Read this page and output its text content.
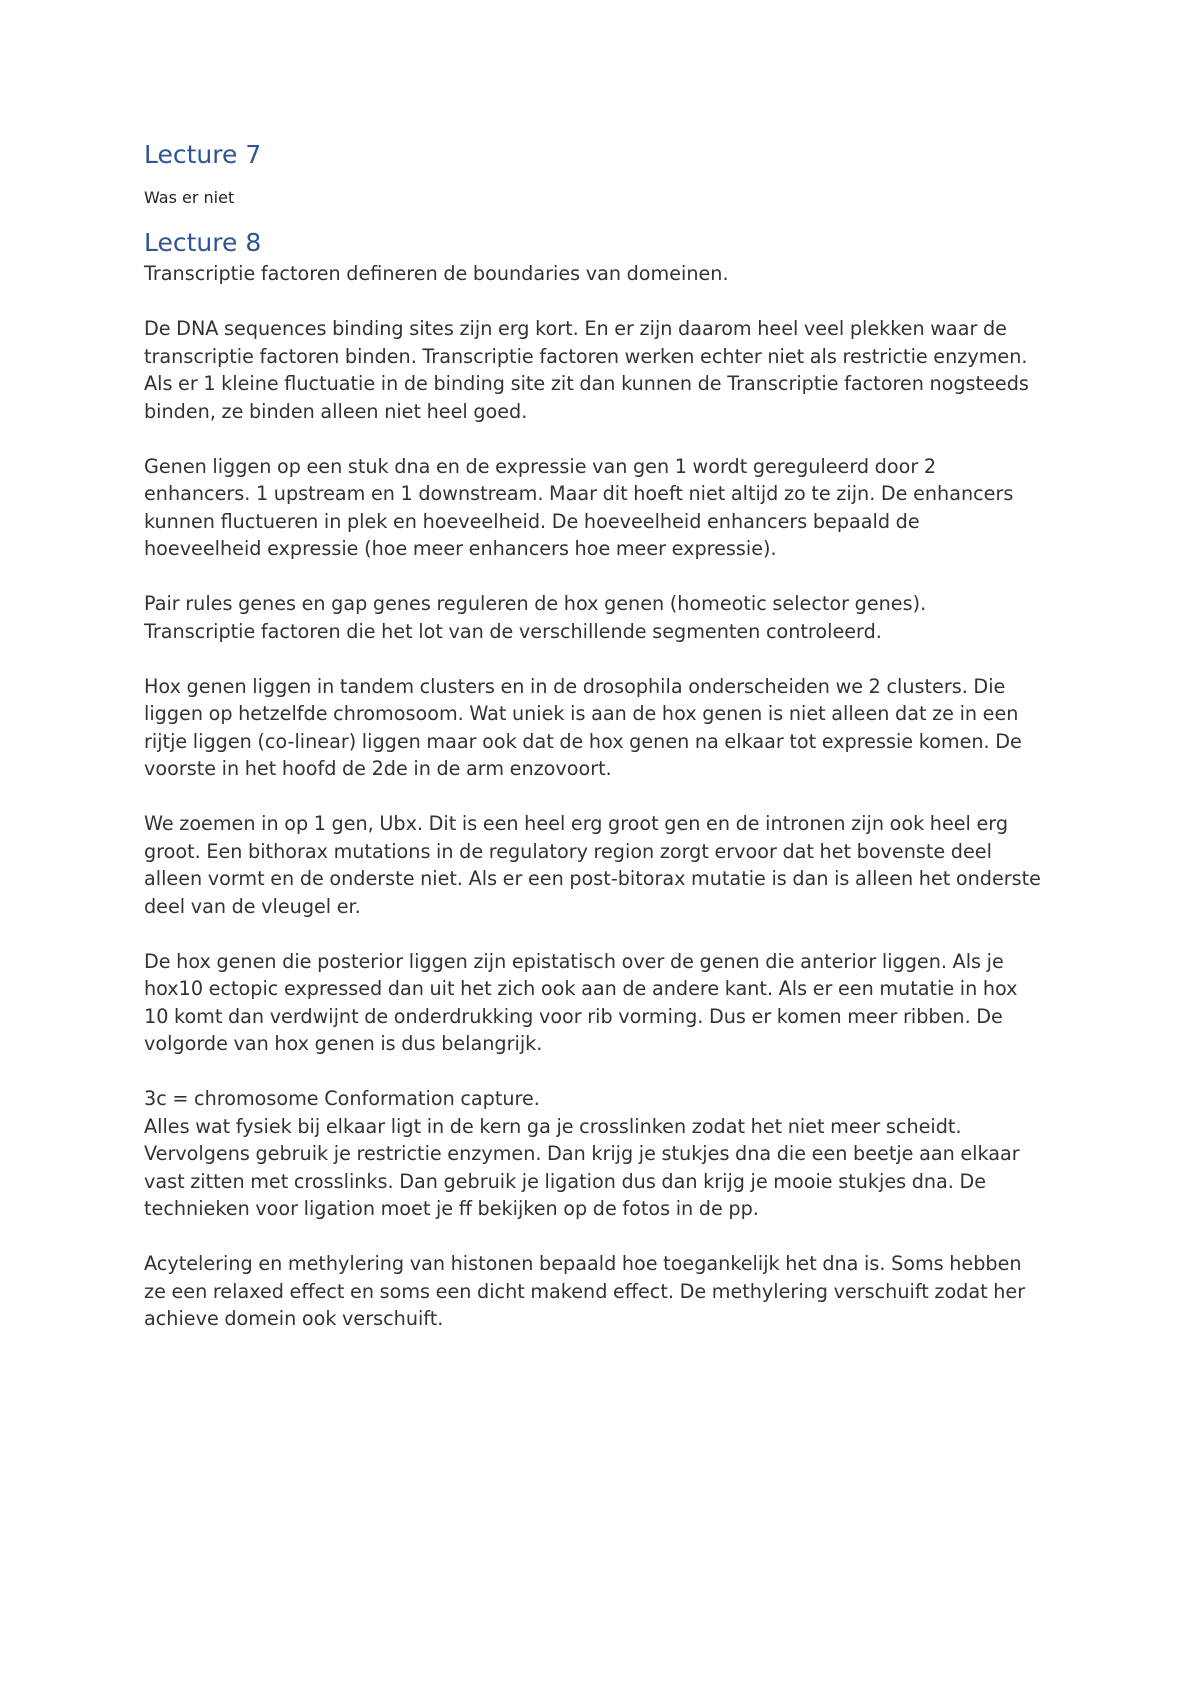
Lecture 7

Was er niet

Lecture 8

Transcriptie factoren defineren de boundaries van domeinen.

De DNA sequences binding sites zijn erg kort. En er zijn daarom heel veel plekken waar de
transcriptie factoren binden. Transcriptie factoren werken echter niet als restrictie enzymen.
Als er 1 kleine fluctuatie in de binding site zit dan kunnen de Transcriptie factoren nogsteeds
binden, ze binden alleen niet heel goed.

Genen liggen op een stuk dna en de expressie van gen 1 wordt gereguleerd door 2
enhancers. 1 upstream en 1 downstream. Maar dit hoeft niet altijd zo te zijn. De enhancers
kunnen fluctueren in plek en hoeveelheid. De hoeveelheid enhancers bepaald de
hoeveelheid expressie (hoe meer enhancers hoe meer expressie).

Pair rules genes en gap genes reguleren de hox genen (homeotic selector genes).
Transcriptie factoren die het lot van de verschillende segmenten controleerd.

Hox genen liggen in tandem clusters en in de drosophila onderscheiden we 2 clusters. Die
liggen op hetzelfde chromosoom. Wat uniek is aan de hox genen is niet alleen dat ze in een
rijtje liggen (co-linear) liggen maar ook dat de hox genen na elkaar tot expressie komen. De
voorste in het hoofd de 2de in de arm enzovoort.

We zoemen in op 1 gen, Ubx. Dit is een heel erg groot gen en de intronen zijn ook heel erg
groot. Een bithorax mutations in de regulatory region zorgt ervoor dat het bovenste deel
alleen vormt en de onderste niet. Als er een post-bitorax mutatie is dan is alleen het onderste
deel van de vleugel er.

De hox genen die posterior liggen zijn epistatisch over de genen die anterior liggen. Als je
hox10 ectopic expressed dan uit het zich ook aan de andere kant. Als er een mutatie in hox
10 komt dan verdwijnt de onderdrukking voor rib vorming. Dus er komen meer ribben. De
volgorde van hox genen is dus belangrijk.

3c = chromosome Conformation capture.
Alles wat fysiek bij elkaar ligt in de kern ga je crosslinken zodat het niet meer scheidt.
Vervolgens gebruik je restrictie enzymen. Dan krijg je stukjes dna die een beetje aan elkaar
vast zitten met crosslinks. Dan gebruik je ligation dus dan krijg je mooie stukjes dna. De
technieken voor ligation moet je ff bekijken op de fotos in de pp.

Acytelering en methylering van histonen bepaald hoe toegankelijk het dna is. Soms hebben
ze een relaxed effect en soms een dicht makend effect. De methylering verschuift zodat her
achieve domein ook verschuift.
